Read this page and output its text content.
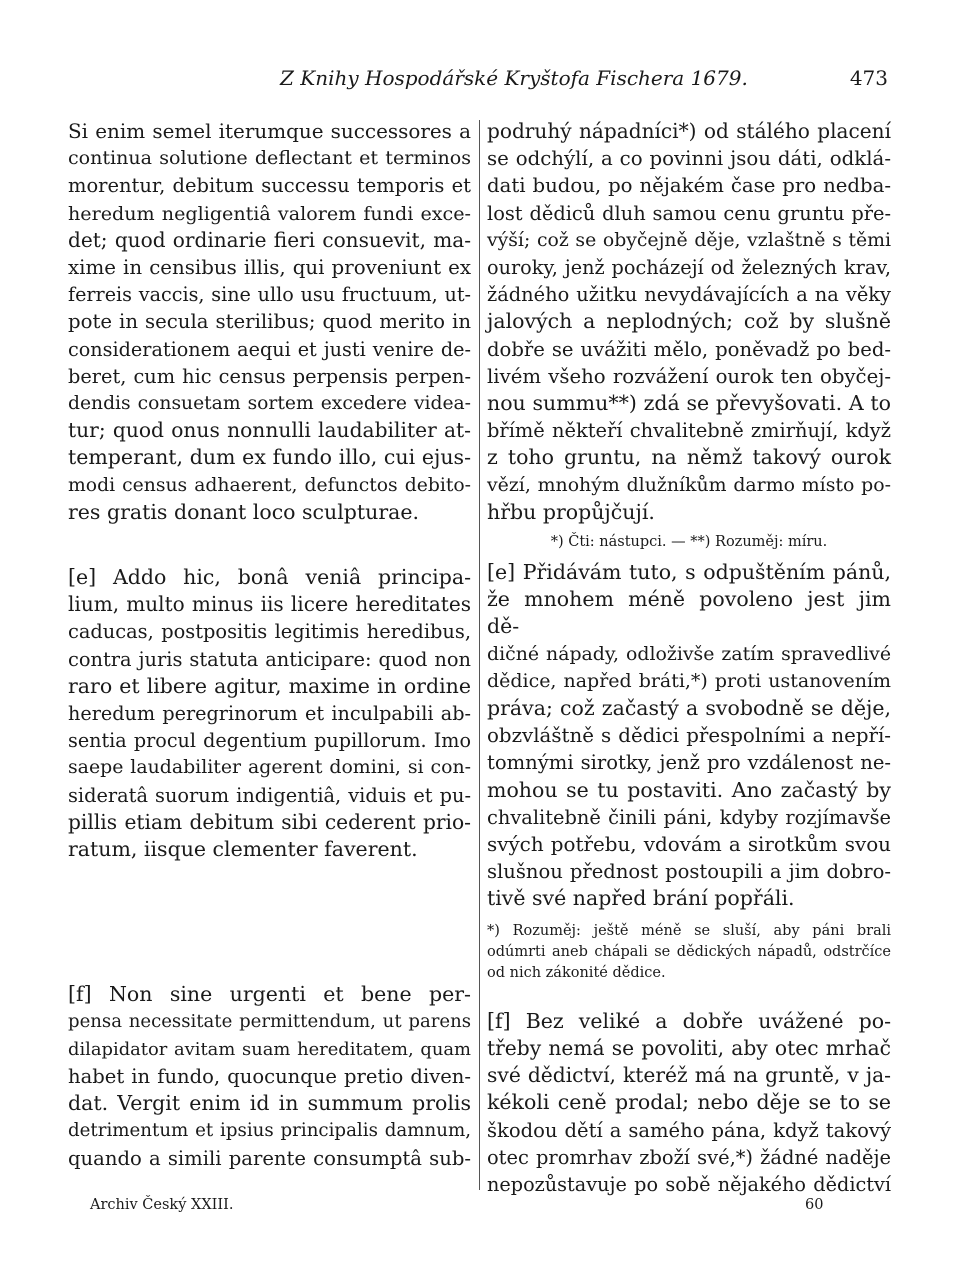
Z Knihy Hospodářské Kryštofa Fischera 1679.	473

Si enim semel iterumque successores a
continua solutione deflectant et terminos
morentur, debitum successu temporis et
heredum negligentiâ valorem fundi exce-
det; quod ordinarie fieri consuevit, ma-
xime in censibus illis, qui proveniunt ex
ferreis vaccis, sine ullo usu fructuum, ut-
pote in secula sterilibus; quod merito in
considerationem aequi et justi venire de-
beret, cum hic census perpensis perpen-
dendis consuetam sortem excedere videa-
tur; quod onus nonnulli laudabiliter at-
temperant, dum ex fundo illo, cui ejus-
modi census adhaerent, defunctos debito-
res gratis donant loco sculpturae.

[e] Addo hic, bonâ veniâ principa-
lium, multo minus iis licere hereditates
caducas, postpositis legitimis heredibus,
contra juris statuta anticipare: quod non
raro et libere agitur, maxime in ordine
heredum peregrinorum et inculpabili ab-
sentia procul degentium pupillorum. Imo
saepe laudabiliter agerent domini, si con-
sideratâ suorum indigentiâ, viduis et pu-
pillis etiam debitum sibi cederent prio-
ratum, iisque clementer faverent.

[f] Non sine urgenti et bene per-
pensa necessitate permittendum, ut parens
dilapidator avitam suam hereditatem, quam
habet in fundo, quocunque pretio diven-
dat. Vergit enim id in summum prolis
detrimentum et ipsius principalis damnum,
quando a simili parente consumptâ sub-

podruhý nápadníci*) od stálého placení
se odchýlí, a co povinni jsou dáti, odklá-
dati budou, po nějakém čase pro nedba-
lost dědiců dluh samou cenu gruntu pře-
výší; což se obyčejně děje, vzlaštně s těmi
ouroky, jenž pocházejí od železných krav,
žádného užitku nevydávajících a na věky
jalových a neplodných; což by slušně
dobře se uvážiti mělo, poněvadž po bed-
livém všeho rozvážení ourok ten obyčej-
nou summu**) zdá se převyšovati. A to
břímě někteří chvalitebně zmirňují, když
z toho gruntu, na němž takový ourok
vězí, mnohým dlužníkům darmo místo po-
hřbu propůjčují.

*) Čti: nástupci. — **) Rozuměj: míru.

[e] Přidávám tuto, s odpuštěním pánů,
že mnohem méně povoleno jest jim dě-
dičné nápady, odloživše zatím spravedlivé
dědice, napřed bráti,*) proti ustanovením
práva; což začastý a svobodně se děje,
obzvláštně s dědici přespolními a nepří-
tomnými sirotky, jenž pro vzdálenost ne-
mohou se tu postaviti. Ano začastý by
chvalitebně činili páni, kdyby rozjímavše
svých potřebu, vdovám a sirotkům svou
slušnou přednost postoupili a jim dobro-
tivě své napřed brání popřáli.

*) Rozuměj: ještě méně se sluší, aby páni brali
odúmrti aneb chápali se dědických nápadů, odstrčíce
od nich zákonité dědice.

[f] Bez veliké a dobře uvážené po-
třeby nemá se povoliti, aby otec mrhač
své dědictví, kteréž má na gruntě, v ja-
kékoli ceně prodal; nebo děje se to se
škodou dětí a samého pána, když takový
otec promrhav zboží své,*) žádné naděje
nepozůstavuje po sobě nějakého dědictví

Archiv Český XXIII.	60
